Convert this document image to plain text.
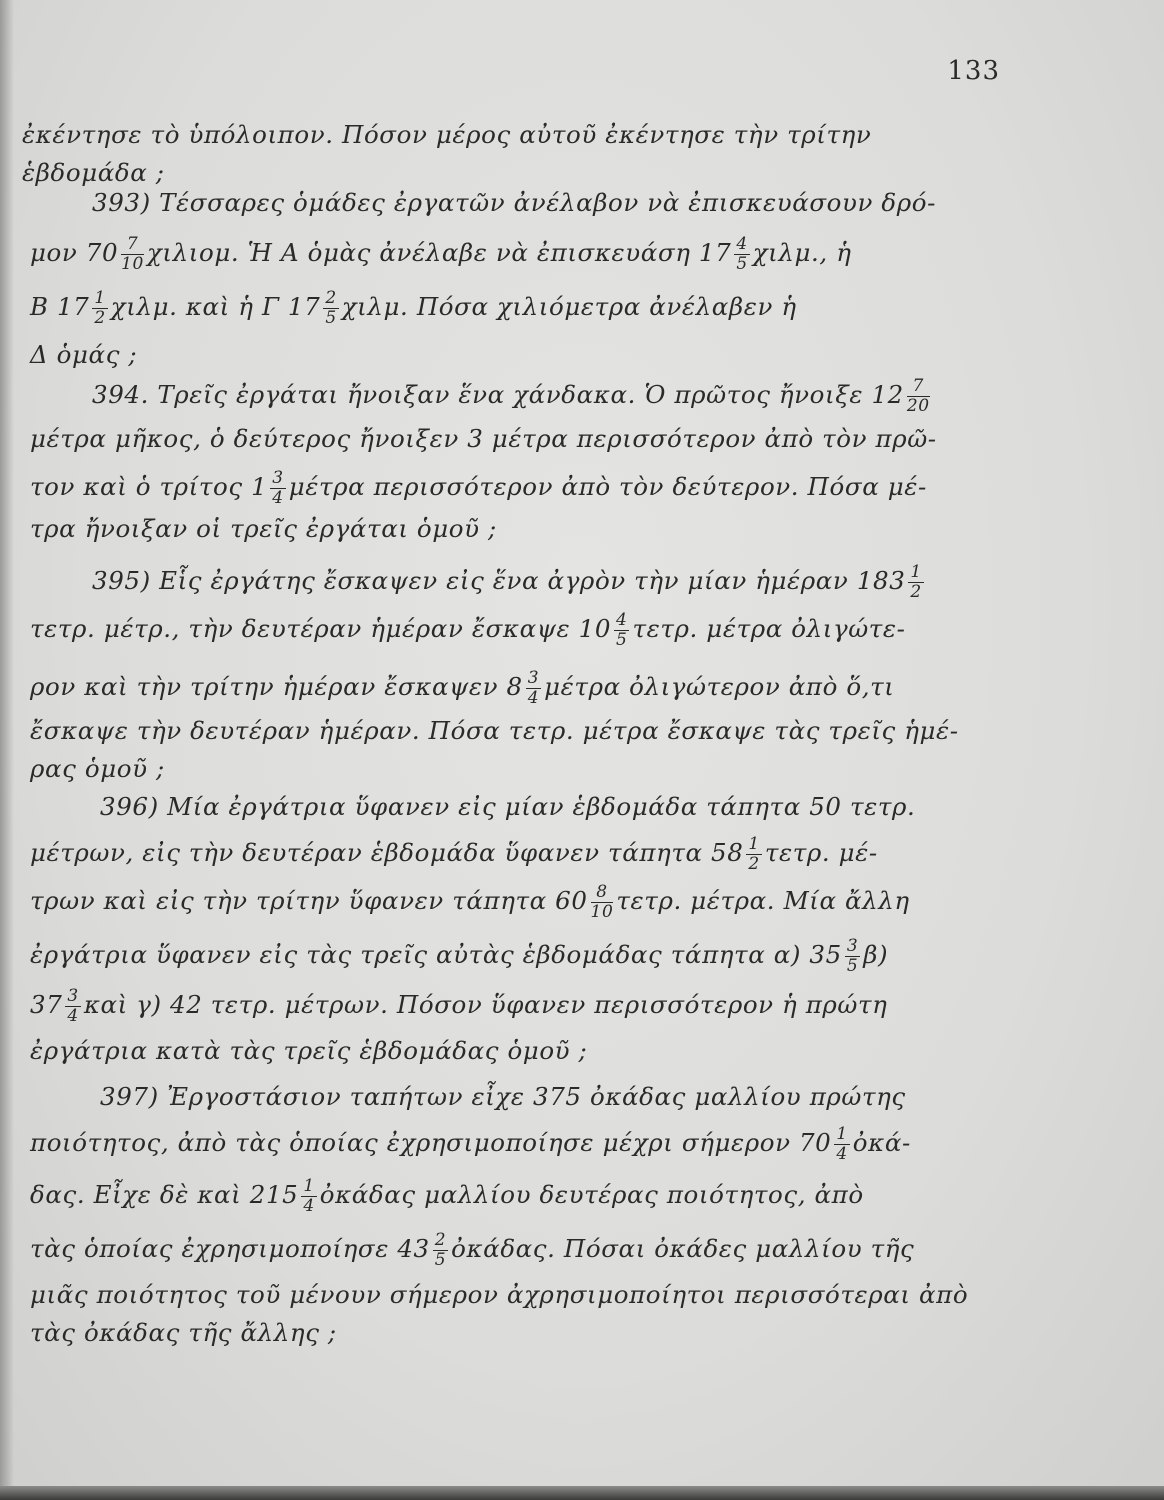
133
ἐκέντησε τὸ ὑπόλοιπον. Πόσον μέρος αὐτοῦ ἐκέντησε τὴν τρίτην
ἑβδομάδα ;
393) Τέσσαρες ὁμάδες ἐργατῶν ἀνέλαβον νὰ ἐπισκευάσουν δρό-
μον $70 \frac{7}{10} \chi\iota\lambda\iota o\mu$. Ἡ Α ὁμὰς ἀνέλαβε νὰ ἐπισκευάση $17 \frac{4}{5} \chi\iota\lambda\mu$., ἡ
Β $17 \frac{1}{2} \chi\iota\lambda\mu$. καὶ ἡ Γ $17 \frac{2}{5} \chi\iota\lambda\mu$. Πόσα χιλιόμετρα ἀνέλαβεν ἡ
Δ ὁμάς ;
394. Τρεῖς ἐργάται ἤνοιξαν ἕνα χάνδακα. Ὁ πρῶτος ἤνοιξε $12 \frac{7}{20}$
μέτρα μῆκος, ὁ δεύτερος ἤνοιξεν 3 μέτρα περισσότερον ἀπὸ τὸν πρῶ-
τον καὶ ὁ τρίτος $1 \frac{3}{4}$ μέτρα περισσότερον ἀπὸ τὸν δεύτερον. Πόσα μέ-
τρα ἤνοιξαν οἱ τρεῖς ἐργάται ὁμοῦ ;
395) Εἷς ἐργάτης ἔσκαψεν εἰς ἕνα ἀγρὸν τὴν μίαν ἡμέραν $183 \frac{1}{2}$
τετρ. μέτρ., τὴν δευτέραν ἡμέραν ἔσκαψε $10 \frac{4}{5} \tau\varepsilon\tau\rho$. μέτρα ὀλιγώτε-
ρον καὶ τὴν τρίτην ἡμέραν ἔσκαψεν $8 \frac{3}{4}$ μέτρα ὀλιγώτερον ἀπὸ ὅ,τι
ἔσκαψε τὴν δευτέραν ἡμέραν. Πόσα τετρ. μέτρα ἔσκαψε τὰς τρεῖς ἡμέ-
ρας ὁμοῦ ;
396) Μία ἐργάτρια ὕφανεν εἰς μίαν ἑβδομάδα τάπητα 50 τετρ.
μέτρων, εἰς τὴν δευτέραν ἑβδομάδα ὕφανεν τάπητα $58 \frac{1}{2} \tau\varepsilon\tau\rho$. μέ-
τρων καὶ εἰς τὴν τρίτην ὕφανεν τάπητα $60 \frac{8}{10} \tau\varepsilon\tau\rho$. μέτρα. Μία ἄλλη
ἐργάτρια ὕφανεν εἰς τὰς τρεῖς αὐτὰς ἑβδομάδας τάπητα α) $35 \frac{3}{5} \beta$)
$37 \frac{3}{4}$ καὶ γ) 42 τετρ. μέτρων. Πόσον ὕφανεν περισσότερον ἡ πρώτη
ἐργάτρια κατὰ τὰς τρεῖς ἑβδομάδας ὁμοῦ ;
397) Ἐργοστάσιον ταπήτων εἶχε 375 ὀκάδας μαλλίου πρώτης
ποιότητος, ἀπὸ τὰς ὁποίας ἐχρησιμοποίησε μέχρι σήμερον $70 \frac{1}{4}$ ὀκά-
δας. Εἶχε δὲ καὶ $215 \frac{1}{4}$ ὀκάδας μαλλίου δευτέρας ποιότητος, ἀπὸ
τὰς ὁποίας ἐχρησιμοποίησε $43 \frac{2}{5}$ ὀκάδας. Πόσαι ὀκάδες μαλλίου τῆς
μιᾶς ποιότητος τοῦ μένουν σήμερον ἀχρησιμοποίητοι περισσότεραι ἀπὸ
τὰς ὀκάδας τῆς ἄλλης ;
